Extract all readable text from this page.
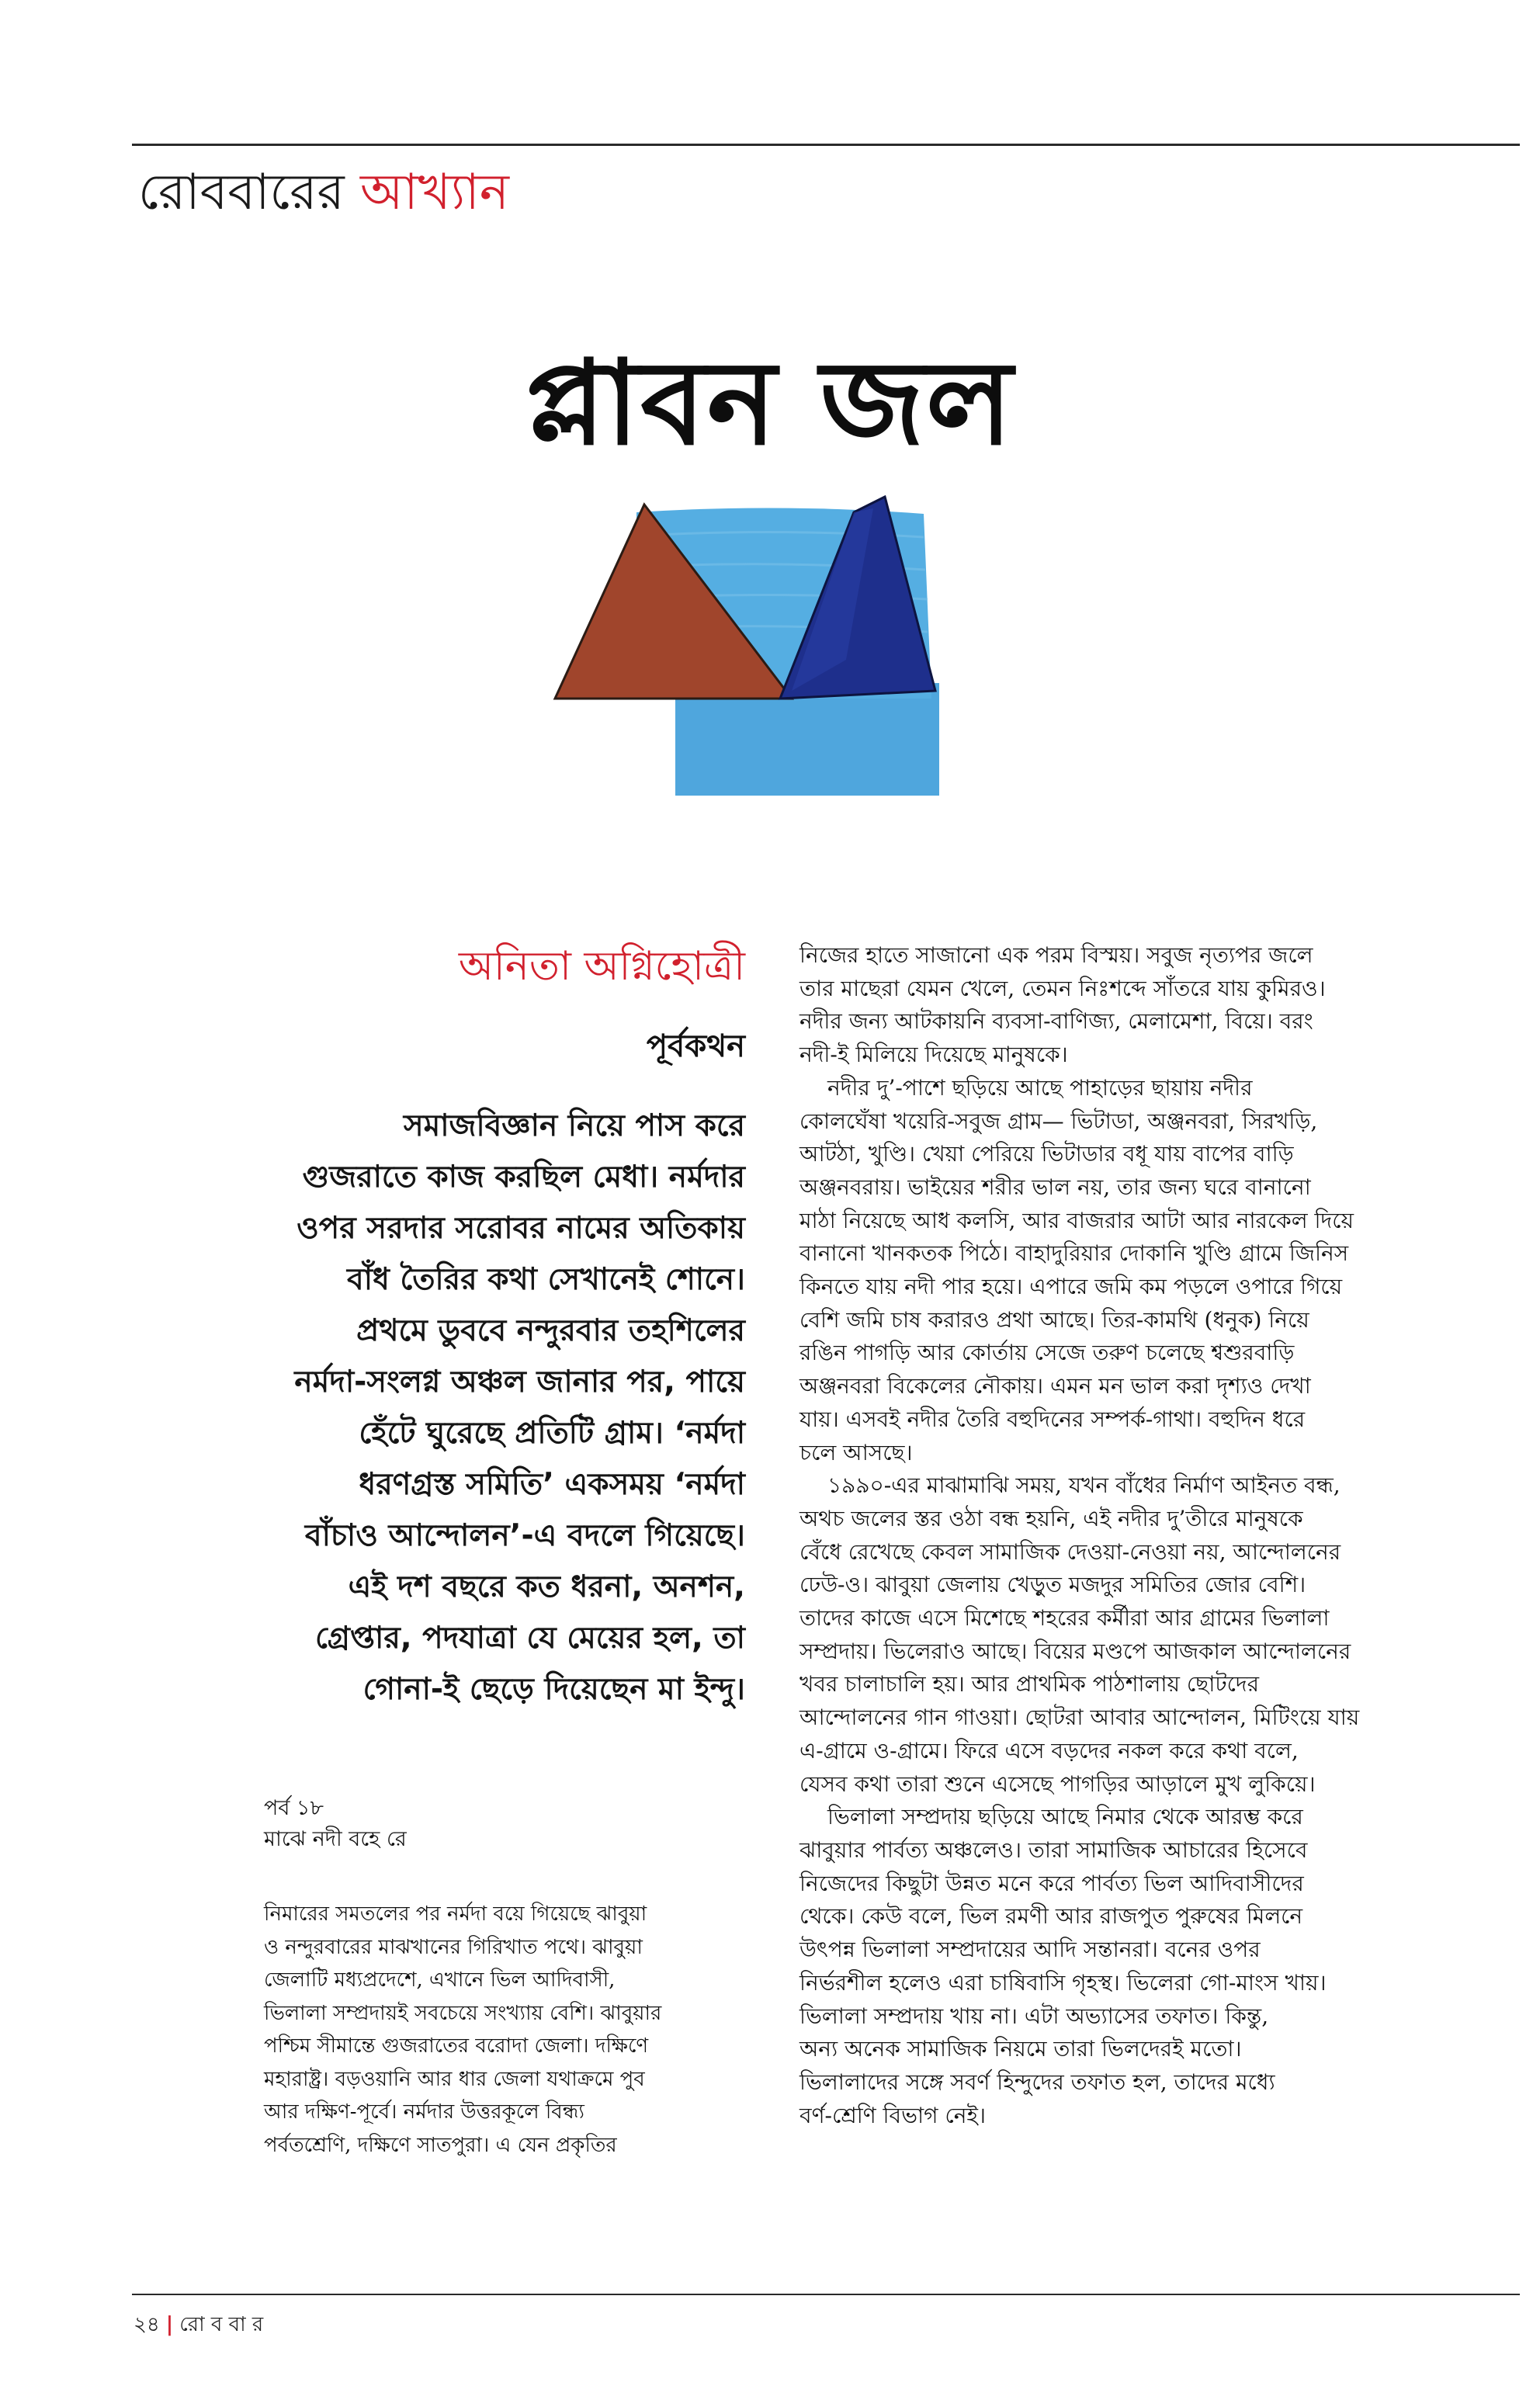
রোববারের আখ্যান
প্লাবন জল
অনিতা অগ্নিহোত্রী
পূর্বকথন
সমাজবিজ্ঞান নিয়ে পাস করে
গুজরাতে কাজ করছিল মেধা। নর্মদার
ওপর সরদার সরোবর নামের অতিকায়
বাঁধ তৈরির কথা সেখানেই শোনে।
প্রথমে ডুববে নন্দুরবার তহশিলের
নর্মদা-সংলগ্ন অঞ্চল জানার পর, পায়ে
হেঁটে ঘুরেছে প্রতিটি গ্রাম। ‘নর্মদা
ধরণগ্রস্ত সমিতি’ একসময় ‘নর্মদা
বাঁচাও আন্দোলন’-এ বদলে গিয়েছে।
এই দশ বছরে কত ধরনা, অনশন,
গ্রেপ্তার, পদযাত্রা যে মেয়ের হল, তা
গোনা-ই ছেড়ে দিয়েছেন মা ইন্দু।
পর্ব ১৮
মাঝে নদী বহে রে
নিমারের সমতলের পর নর্মদা বয়ে গিয়েছে ঝাবুয়া
ও নন্দুরবারের মাঝখানের গিরিখাত পথে। ঝাবুয়া
জেলাটি মধ্যপ্রদেশে, এখানে ভিল আদিবাসী,
ভিলালা সম্প্রদায়ই সবচেয়ে সংখ্যায় বেশি। ঝাবুয়ার
পশ্চিম সীমান্তে গুজরাতের বরোদা জেলা। দক্ষিণে
মহারাষ্ট্র। বড়ওয়ানি আর ধার জেলা যথাক্রমে পুব
আর দক্ষিণ-পূর্বে। নর্মদার উত্তরকূলে বিন্ধ্য
পর্বতশ্রেণি, দক্ষিণে সাতপুরা। এ যেন প্রকৃতির
নিজের হাতে সাজানো এক পরম বিস্ময়। সবুজ নৃত্যপর জলে
তার মাছেরা যেমন খেলে, তেমন নিঃশব্দে সাঁতরে যায় কুমিরও।
নদীর জন্য আটকায়নি ব্যবসা-বাণিজ্য, মেলামেশা, বিয়ে। বরং
নদী-ই মিলিয়ে দিয়েছে মানুষকে।
নদীর দু’-পাশে ছড়িয়ে আছে পাহাড়ের ছায়ায় নদীর
কোলঘেঁষা খয়েরি-সবুজ গ্রাম— ভিটাডা, অঞ্জনবরা, সিরখড়ি,
আটঠা, খুণ্ডি। খেয়া পেরিয়ে ভিটাডার বধূ যায় বাপের বাড়ি
অঞ্জনবরায়। ভাইয়ের শরীর ভাল নয়, তার জন্য ঘরে বানানো
মাঠা নিয়েছে আধ কলসি, আর বাজরার আটা আর নারকেল দিয়ে
বানানো খানকতক পিঠে। বাহাদুরিয়ার দোকানি খুণ্ডি গ্রামে জিনিস
কিনতে যায় নদী পার হয়ে। এপারে জমি কম পড়লে ওপারে গিয়ে
বেশি জমি চাষ করারও প্রথা আছে। তির-কামথি (ধনুক) নিয়ে
রঙিন পাগড়ি আর কোর্তায় সেজে তরুণ চলেছে শ্বশুরবাড়ি
অঞ্জনবরা বিকেলের নৌকায়। এমন মন ভাল করা দৃশ্যও দেখা
যায়। এসবই নদীর তৈরি বহুদিনের সম্পর্ক-গাথা। বহুদিন ধরে
চলে আসছে।
১৯৯০-এর মাঝামাঝি সময়, যখন বাঁধের নির্মাণ আইনত বন্ধ,
অথচ জলের স্তর ওঠা বন্ধ হয়নি, এই নদীর দু’তীরে মানুষকে
বেঁধে রেখেছে কেবল সামাজিক দেওয়া-নেওয়া নয়, আন্দোলনের
ঢেউ-ও। ঝাবুয়া জেলায় খেড়ুত মজদুর সমিতির জোর বেশি।
তাদের কাজে এসে মিশেছে শহরের কর্মীরা আর গ্রামের ভিলালা
সম্প্রদায়। ভিলেরাও আছে। বিয়ের মণ্ডপে আজকাল আন্দোলনের
খবর চালাচালি হয়। আর প্রাথমিক পাঠশালায় ছোটদের
আন্দোলনের গান গাওয়া। ছোটরা আবার আন্দোলন, মিটিংয়ে যায়
এ-গ্রামে ও-গ্রামে। ফিরে এসে বড়দের নকল করে কথা বলে,
যেসব কথা তারা শুনে এসেছে পাগড়ির আড়ালে মুখ লুকিয়ে।
ভিলালা সম্প্রদায় ছড়িয়ে আছে নিমার থেকে আরম্ভ করে
ঝাবুয়ার পার্বত্য অঞ্চলেও। তারা সামাজিক আচারের হিসেবে
নিজেদের কিছুটা উন্নত মনে করে পার্বত্য ভিল আদিবাসীদের
থেকে। কেউ বলে, ভিল রমণী আর রাজপুত পুরুষের মিলনে
উৎপন্ন ভিলালা সম্প্রদায়ের আদি সন্তানরা। বনের ওপর
নির্ভরশীল হলেও এরা চাষিবাসি গৃহস্থ। ভিলেরা গো-মাংস খায়।
ভিলালা সম্প্রদায় খায় না। এটা অভ্যাসের তফাত। কিন্তু,
অন্য অনেক সামাজিক নিয়মে তারা ভিলদেরই মতো।
ভিলালাদের সঙ্গে সবর্ণ হিন্দুদের তফাত হল, তাদের মধ্যে
বর্ণ-শ্রেণি বিভাগ নেই।
২৪ | রো ব বা র
